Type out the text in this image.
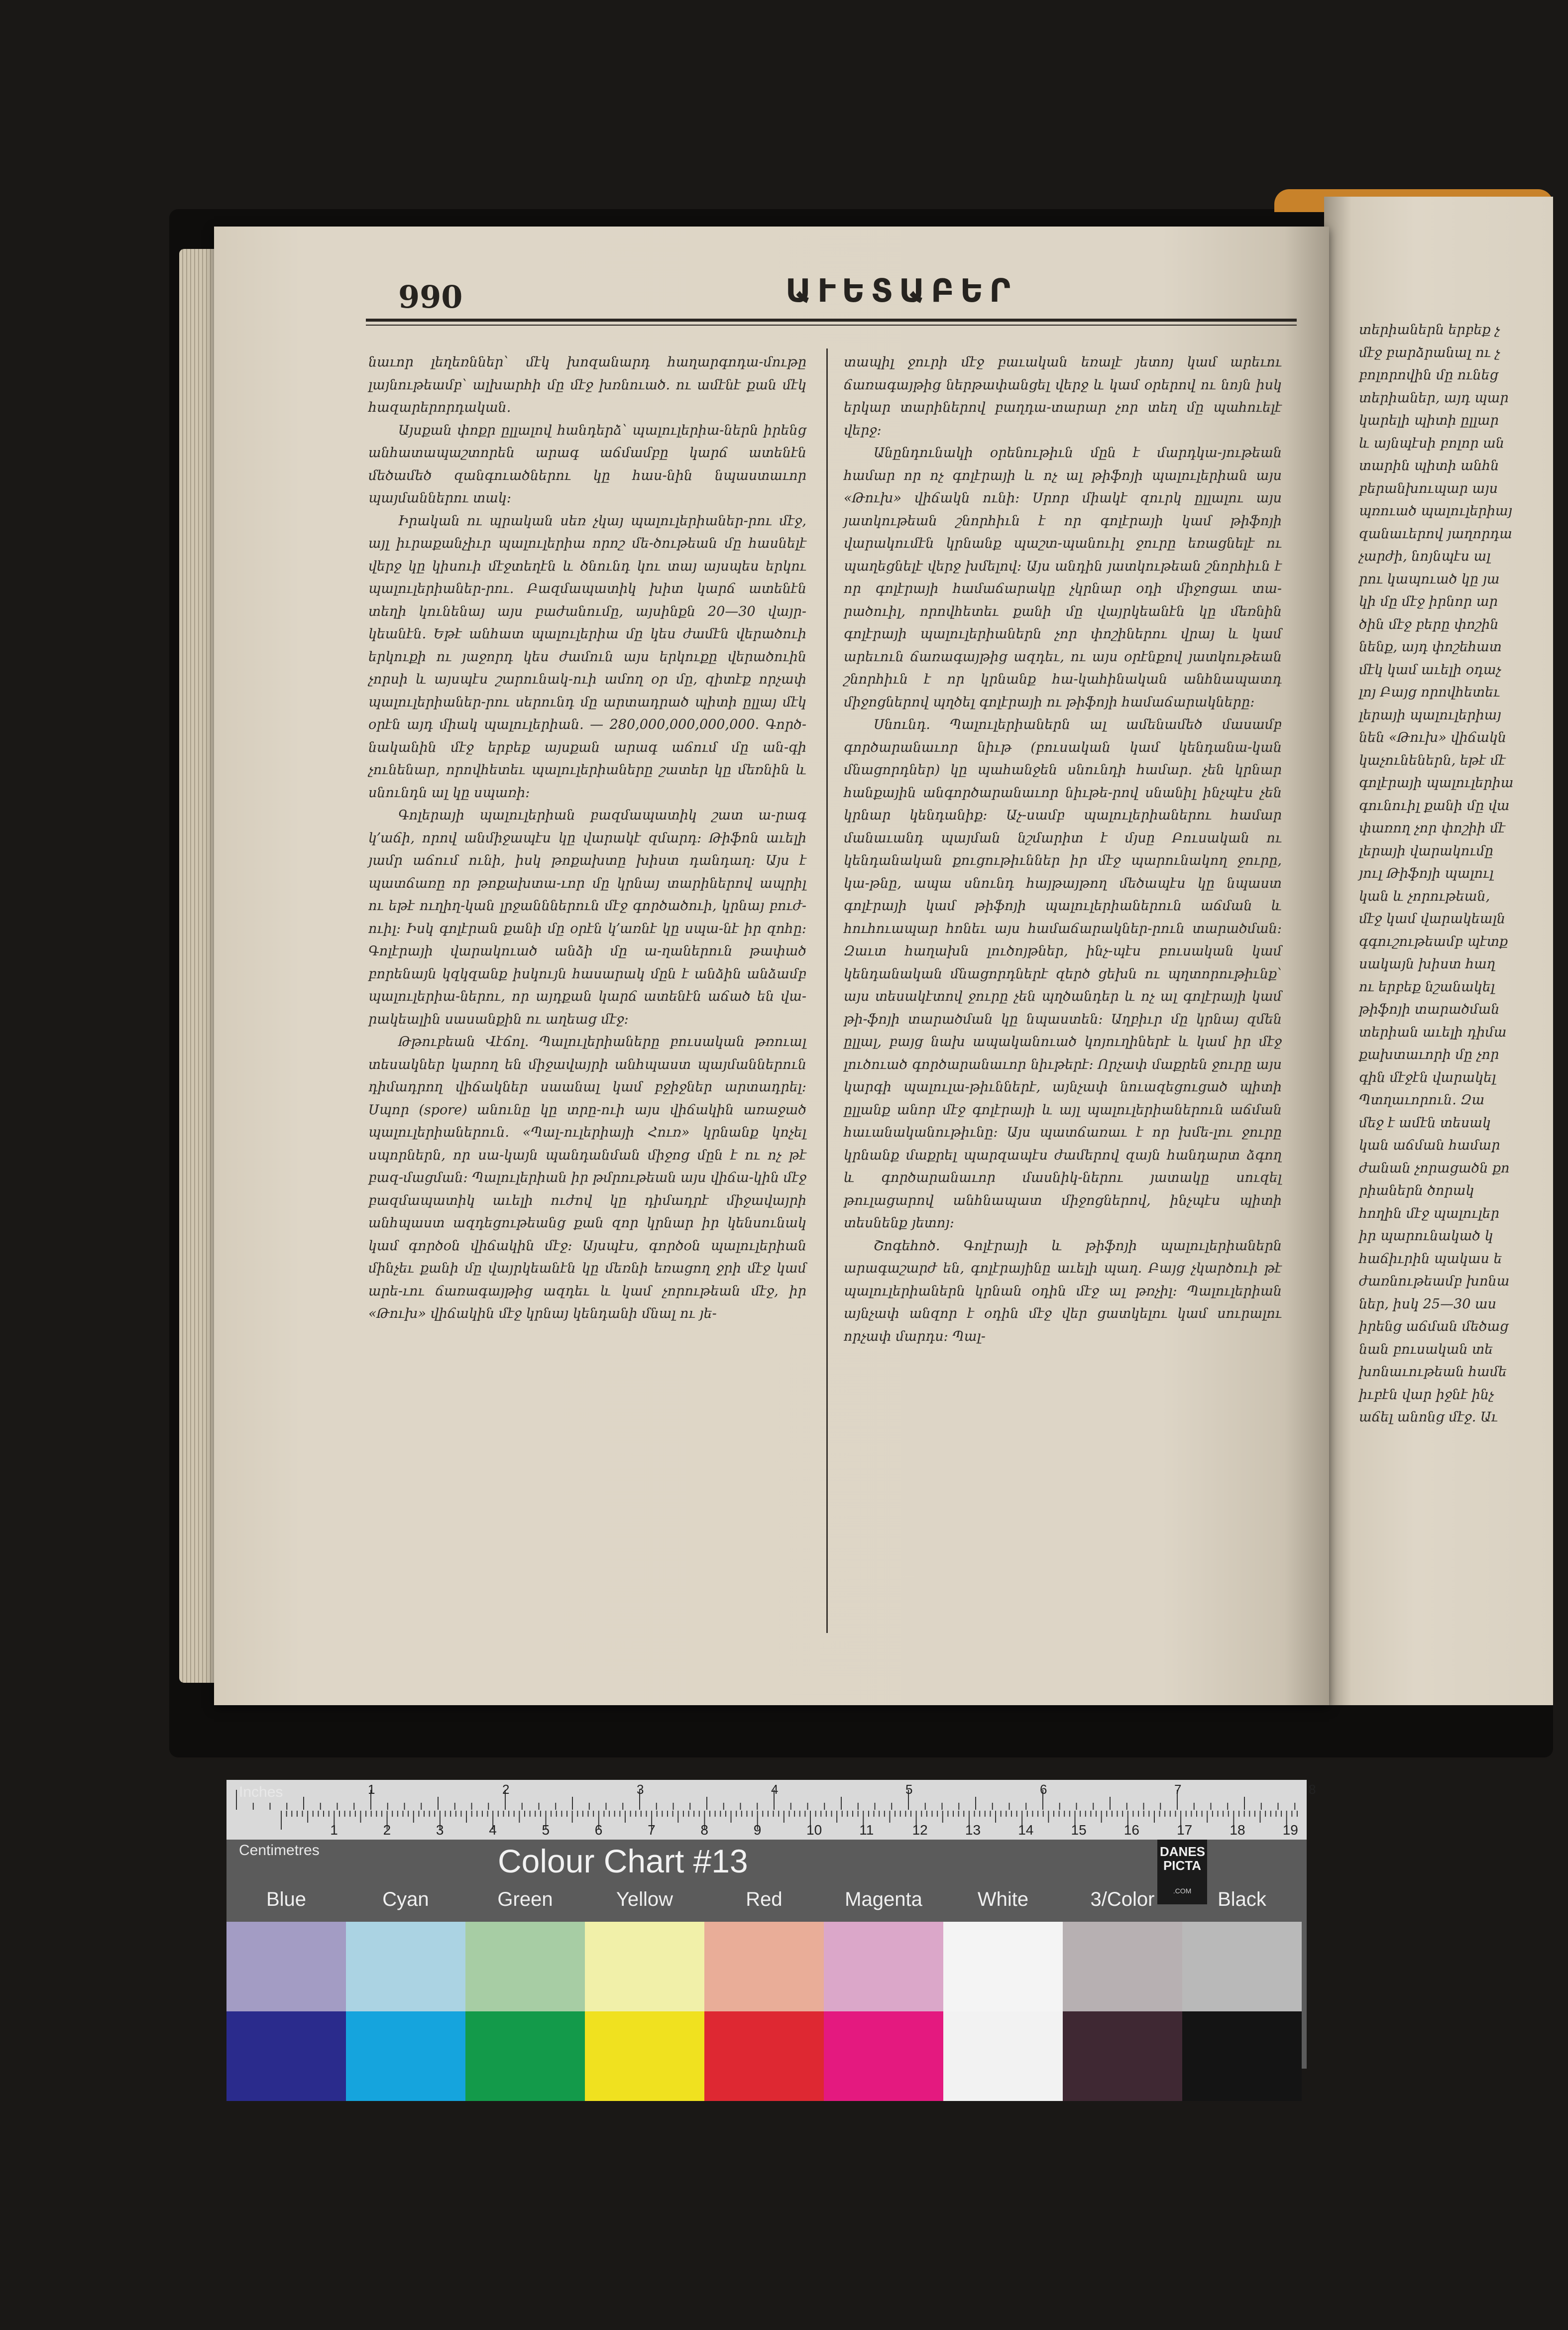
990	ԱՒԵՏԱԲԵՐ

նաւոր լեղեռններ՝ մէկ խոզանարդ հաղարգոդա-մութը լայնութեամբ՝ ալխարհի մը մէջ խռնուած. ու ամէնէ քան մէկ հազարերորդական.

Այսքան փոքր ըլլալով հանդերձ՝ պալուլերիա-ներն իրենց անհատապաշտորեն արագ աճմամբը կարճ ատենէն մեծամեծ զանգուածներու կը հաս-նին նպաստաւոր պայմաններու տակ:

Իրական ու պրական սեռ չկայ պալուլերիաներ-րու մէջ, այլ իւրաքանչիւր պալուլերիա որոշ մե-ծութեան մը հասնելէ վերջ կը կիսուի մէջտեղէն և ծնունդ կու տայ այսպես երկու պալուլերիաներ-րու. Բազմապատիկ խիտ կարճ ատենէն տեղի կունենայ այս բաժանումը, այսինքն 20—30 վայր-կեանէն. Եթէ անհատ պալուլերիա մը կես ժամէն վերածուի երկուքի ու յաջորդ կես ժամուն այս երկուքը վերածուին չորսի և այսպէս շարունակ-ուի ամող օր մը, զիտէք որչափ պալուլերիաներ-րու սերունդ մը արտադրած պիտի ըլլայ մէկ օրէն այդ միակ պալուլերիան. — 280,000,000,000,000. Գործ-նականին մէջ երբեք այսքան արագ աճում մը ան-գի չունենար, որովհետեւ պալուլերիաները շատեր կը մեռնին և սնունդն ալ կը սպառի:

Գոլերայի պալուլերիան բազմապատիկ շատ ա-րագ կ՚աճի, որով անմիջապէս կը վարակէ զմարդ: Թիֆոն աւելի յամր աճում ունի, իսկ թոքախտը խիստ դանդաղ: Այս է պատճառը որ թոքախտա-ւոր մը կրնայ տարիներով ապրիլ ու եթէ ուղիղ-կան լրջանններուն մէջ գործածուի, կրնայ բուժ-ուիլ: Իսկ գոլէրան քանի մը օրէն կ՚առնէ կը սպա-նէ իր զոհը: Գոլէրայի վարակուած անձի մը ա-ղաներուն թափած բորենայն կզկզանք իսկույն հասարակ մըն է անձին անձամբ պալուլերիա-ներու, որ այդքան կարճ ատենէն աճած են վա-րակեալին սասանքին ու աղեաց մէջ:

Թթուբեան Վէճոլ. Պալուլերիաները բուսական թռուալ տեսակներ կարող են միջավայրի անհպաստ պայմաններուն դիմադրող վիճակներ սաանալ կամ բջիջներ արտադրել: Սպոր (spore) անունը կը տրը-ուի այս վիճակին առաջած պալուլերիաներուն. «Պալ-ուլերիայի Հուռ» կրնանք կոչել սպորներն, որ սա-կայն պանդանման միջոց մըն է ու ոչ թէ բազ-մացման: Պալուլերիան իր թմրութեան այս վիճա-կին մէջ բազմապատիկ աւելի ուժով կը դիմադրէ միջավայրի անհպաստ ազդեցութեանց քան զոր կրնար իր կենսունակ կամ գործօն վիճակին մէջ: Այսպէս, գործօն պալուլերիան մինչեւ քանի մը վայրկեանէն կը մեռնի եռացող ջրի մէջ կամ արե-ւու ճառագայթից ազդեւ և կամ չորութեան մէջ, իր «Թուխ» վիճակին մէջ կրնայ կենդանի մնալ ու յե-

տապիլ ջուրի մէջ բաւական եռալէ յետոյ կամ արեւու ճառագայթից ներթափանցել վերջ և կամ օրերով ու նոյն իսկ երկար տարիներով բաղդա-տարար չոր տեղ մը պահուելէ վերջ:

Անընդունակի օրենութիւն մըն է մարդկա-յութեան համար որ ոչ գոլէրայի և ոչ ալ թիֆոյի պալուլերիան այս «Թուխ» վիճակն ունի: Սրոր միակէ զուրկ ըլլալու այս յատկութեան շնորհիւն է որ գոլէրայի կամ թիֆոյի վարակումէն կրնանք պաշտ-պանուիլ ջուրը եռացնելէ ու պաղեցնելէ վերջ խմելով: Այս անդին յատկութեան շնորհիւն է որ գոլէրայի համաճարակը չկրնար օդի միջոցաւ տա-րածուիլ, որովհետեւ քանի մը վայրկեանէն կը մեռնին գոլէրայի պալուլերիաներն չոր փոշիներու վրայ և կամ արեւուն ճառագայթից ազդեւ, ու այս օրէնքով յատկութեան շնորհիւն է որ կրնանք հա-կահինական անհնապատդ միջոցներով պղծել գոլէրայի ու թիֆոյի համաճարակները:

Սնունդ. Պալուլերիաներն ալ ամենամեծ մասամբ գործարանաւոր նիւթ (բուսական կամ կենդանա-կան մնացորդներ) կը պահանջեն սնունդի համար. չեն կրնար հանքային անգործարանաւոր նիւթե-րով սնանիլ ինչպէս չեն կրնար կենդանիք: Աչ-սամբ պալուլերիաներու համար մանաւանդ պայման նշմարիտ է մյսը Բուսական ու կենդանական քուցութիւններ իր մէջ պարունակող ջուրը, կա-թնը, ապա սնունդ հայթայթող մեծապէս կը նպաստ գոլէրայի կամ թիֆոյի պալուլերիաներուն աճման և հուհուապար հոնեւ այս համաճարակներ-րուն տարածման: Զաւտ հաղախն լուծոյթներ, ինչ-պէս բուսական կամ կենդանական մնացորդներէ զերծ ցեխն ու պղտորութիւնք՝ այս տեսակէտով ջուրը չեն պղծանդեր և ոչ ալ գոլէրայի կամ թի-ֆոյի տարածման կը նպաստեն: Աղբիւր մը կրնայ զմեն ըլլալ, բայց նախ ապականուած կոյուղիներէ և կամ իր մէջ լուծուած գործարանաւոր նիւթերէ: Որչափ մաքրեն ջուրը այս կարգի պալուլա-թիւններէ, այնչափ նուազեցուցած պիտի ըլլանք անոր մէջ գոլէրայի և այլ պալուլերիաներուն աճման հաւանականութիւնը: Այս պատճառաւ է որ խմե-լու ջուրը կրնանք մաքրել պարզապէս ժամերով զայն հանդարտ ձգող և գործարանաւոր մասնիկ-ներու յատակը սուզել թուլացարով անհնապատ միջոցներով, ինչպէս պիտի տեսնենք յետոյ:

Շոգեհոծ. Գոլէրայի և թիֆոյի պալուլերիաներն արագաշարժ են, գոլէրայինը աւելի պաղ. Բայց չկարծուի թէ պալուլերիաներն կրնան օդին մէջ ալ թռչիլ: Պալուլերիան այնչափ անզոր է օդին մէջ վեր ցատկելու կամ սուրալու որչափ մարդս: Պալ-

տերիաներն երբեք չ
մէջ բարձրանալ ու չ
բոլորովին մը ունեց
տերիաներ, այդ պար
կարելի պիտի ըլլար
և այնպէսի բոլոր ան
տարին պիտի անհն
բերանխուպար այս
պռուած պալուլերիայ
զանաւերով յաղորդա
չարժի, նոյնպէս ալ
րու կապուած կը յա
կի մը մէջ իրնոր ար
ծին մէջ բերը փոշին
նենք, այդ փոշեհատ
մէկ կամ աւելի օդաչ
լոյ Բայց որովհետեւ
լերայի պալուլերիայ
նեն «Թուխ» վիճակն
կաչունեներն, եթէ մէ
գոլէրայի պալուլերիա
գունուիլ քանի մը վա
փառող չոր փոշիի մէ
լերայի վարակումը
յուլ Թիֆոյի պալուլ
կան և չորութեան,
մէջ կամ վարակեալն
գգուշութեամբ պէտք
սակայն խիստ հաղ
ու երբեք նշանակել
թիֆոյի տարածման
տերիան աւելի դիմա
քախտաւորի մը չոր
գին մէջէն վարակել
Պտղաւորուն. Զա
մեջ է ամէն տեսակ
կան աճման համար
ժանան չորացածն քո
րիաներն ծորակ
հողին մէջ պալուլեր
իր պարունակած կ
հաճիւրին պակաս ե
ժառնութեամբ խոնա
ներ, իսկ 25—30 աս
իրենց աճման մեծաց
նան բուսական տե
խոնաւութեան համե
իւբէն վար իջնէ ինչ
աճել անոնց մէջ. Աւ
1	2	3	4	5	6	7	8
1	2	3	4	5	6	7	8	9	10	11	12	13	14	15	16	17	18	19
Inches
Centimetres	Colour Chart #13	DANES PICTA
.COM
Blue	Cyan	Green	Yellow	Red	Magenta	White	3/Color	Black
